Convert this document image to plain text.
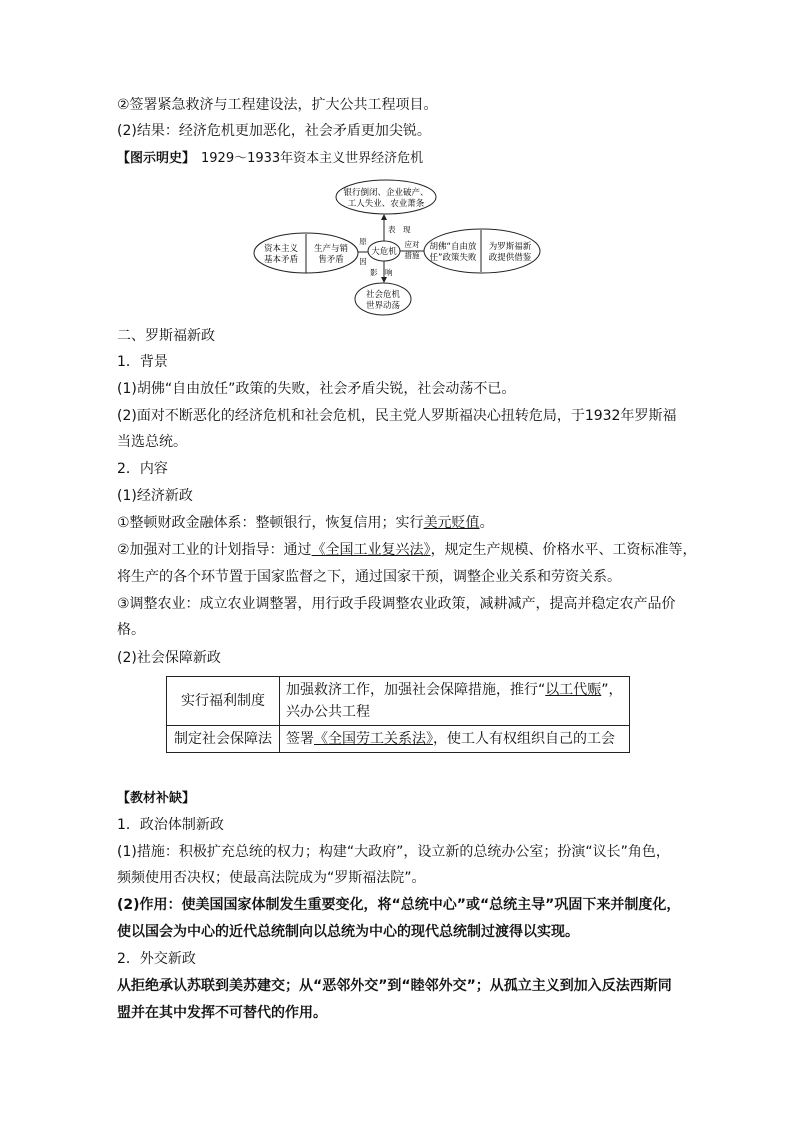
②签署紧急救济与工程建设法，扩大公共工程项目。
(2)结果：经济危机更加恶化，社会矛盾更加尖锐。
【图示明史】 1929～1933年资本主义世界经济危机
银行倒闭、企业破产、
工人失业、农业萧条
资本主义
基本矛盾
生产与销
售矛盾
大危机	胡佛“自由放
任”政策失败
为罗斯福新
政提供借鉴
社会危机
世界动荡
表　现
原
因
应对
措施
影　响
二、罗斯福新政
1．背景
(1)胡佛“自由放任”政策的失败，社会矛盾尖锐，社会动荡不已。
(2)面对不断恶化的经济危机和社会危机，民主党人罗斯福决心扭转危局，于1932年罗斯福
当选总统。
2．内容
(1)经济新政
①整顿财政金融体系：整顿银行，恢复信用；实行美元贬值。
②加强对工业的计划指导：通过《全国工业复兴法》，规定生产规模、价格水平、工资标准等，
将生产的各个环节置于国家监督之下，通过国家干预，调整企业关系和劳资关系。
③调整农业：成立农业调整署，用行政手段调整农业政策，减耕减产，提高并稳定农产品价
格。
(2)社会保障新政
实行福利制度	加强救济工作，加强社会保障措施，推行“以工代赈”，兴办公共工程
制定社会保障法	签署《全国劳工关系法》，使工人有权组织自己的工会
【教材补缺】
1．政治体制新政
(1)措施：积极扩充总统的权力；构建“大政府”，设立新的总统办公室；扮演“议长”角色，
频频使用否决权；使最高法院成为“罗斯福法院”。
(2)作用：使美国国家体制发生重要变化，将“总统中心”或“总统主导”巩固下来并制度化，
使以国会为中心的近代总统制向以总统为中心的现代总统制过渡得以实现。
2．外交新政
从拒绝承认苏联到美苏建交；从“恶邻外交”到“睦邻外交”；从孤立主义到加入反法西斯同
盟并在其中发挥不可替代的作用。
